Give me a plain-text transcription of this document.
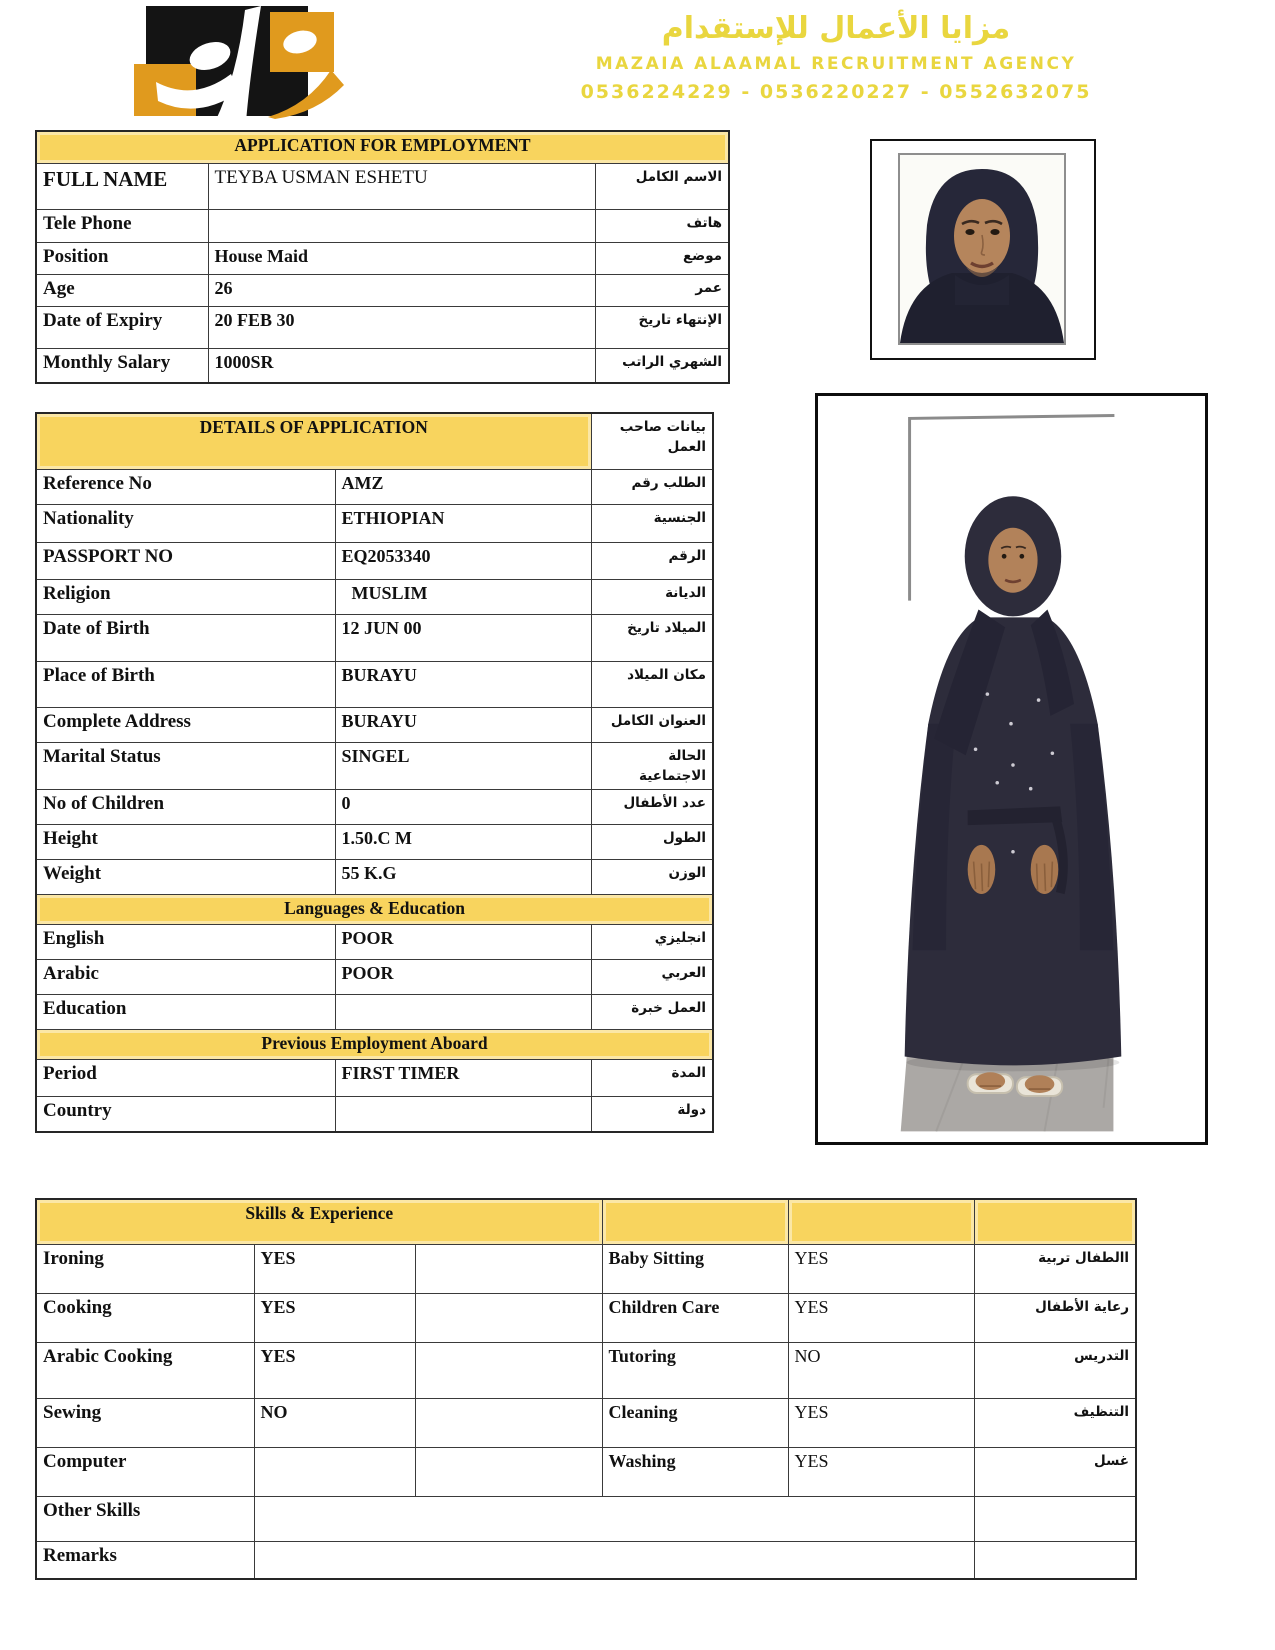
مزايا الأعمال للإستقدام
MAZAIA ALAAMAL RECRUITMENT AGENCY
0536224229 - 0536220227 - 0552632075
APPLICATION FOR EMPLOYMENT		
FULL NAME	TEYBA USMAN ESHETU	الاسم الكامل
Tele Phone		هاتف
Position	House Maid	موضع
Age	26	عمر
Date of Expiry	20 FEB 30	الإنتهاء تاريخ
Monthly Salary	1000SR	الشهري الراتب
DETAILS OF APPLICATION		بيانات صاحب العمل
Reference No	AMZ	الطلب رقم
Nationality	ETHIOPIAN	الجنسية
PASSPORT NO	EQ2053340	الرقم
Religion	MUSLIM	الديانة
Date of Birth	12 JUN 00	الميلاد تاريخ
Place of Birth	BURAYU	مكان الميلاد
Complete Address	BURAYU	العنوان الكامل
Marital Status	SINGEL	الحالة الاجتماعية
No of Children	0	عدد الأطفال
Height	1.50.C M	الطول
Weight	55 K.G	الوزن
Languages & Education		
English	POOR	انجليزي
Arabic	POOR	العربي
Education		العمل خبرة
Previous Employment Aboard		
Period	FIRST TIMER	المدة
Country		دولة
Skills & Experience					
Ironing	YES		Baby Sitting	YES	االطفال تربية
Cooking	YES		Children Care	YES	رعاية الأطفال
Arabic Cooking	YES		Tutoring	NO	التدريس
Sewing	NO		Cleaning	YES	التنظيف
Computer			Washing	YES	غسل
Other Skills					
Remarks					
